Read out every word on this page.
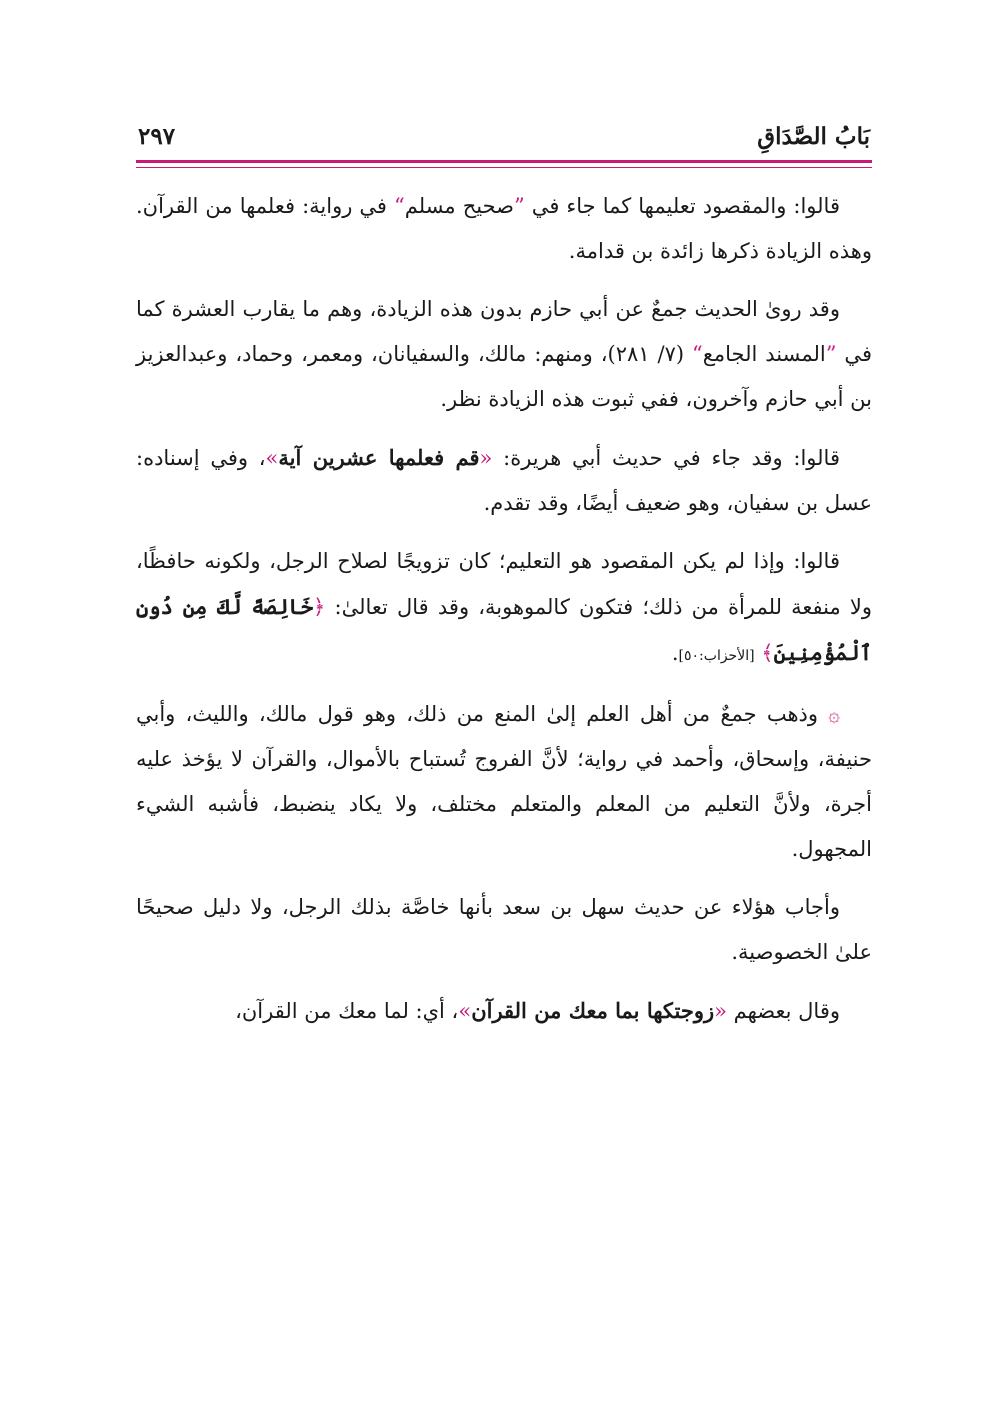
بَابُ الصَّدَاقِ
٢٩٧

قالوا: والمقصود تعليمها كما جاء في ”صحيح مسلم“ في رواية: فعلمها من القرآن. وهذه الزيادة ذكرها زائدة بن قدامة.

وقد روىٰ الحديث جمعٌ عن أبي حازم بدون هذه الزيادة، وهم ما يقارب العشرة كما في ”المسند الجامع“ (٧/ ٢٨١)، ومنهم: مالك، والسفيانان، ومعمر، وحماد، وعبدالعزيز بن أبي حازم وآخرون، ففي ثبوت هذه الزيادة نظر.

قالوا: وقد جاء في حديث أبي هريرة: «قم فعلمها عشرين آية»، وفي إسناده: عسل بن سفيان، وهو ضعيف أيضًا، وقد تقدم.

قالوا: وإذا لم يكن المقصود هو التعليم؛ كان تزويجًا لصلاح الرجل، ولكونه حافظًا، ولا منفعة للمرأة من ذلك؛ فتكون كالموهوبة، وقد قال تعالىٰ: ﴿خَالِصَةً لَّكَ مِن دُونِ ٱلْمُؤْمِنِينَ﴾ [الأحزاب:٥٠].

۞ وذهب جمعٌ من أهل العلم إلىٰ المنع من ذلك، وهو قول مالك، والليث، وأبي حنيفة، وإسحاق، وأحمد في رواية؛ لأنَّ الفروج تُستباح بالأموال، والقرآن لا يؤخذ عليه أجرة، ولأنَّ التعليم من المعلم والمتعلم مختلف، ولا يكاد ينضبط، فأشبه الشيء المجهول.

وأجاب هؤلاء عن حديث سهل بن سعد بأنها خاصَّة بذلك الرجل، ولا دليل صحيحًا علىٰ الخصوصية.

وقال بعضهم «زوجتكها بما معك من القرآن»، أي: لما معك من القرآن،
